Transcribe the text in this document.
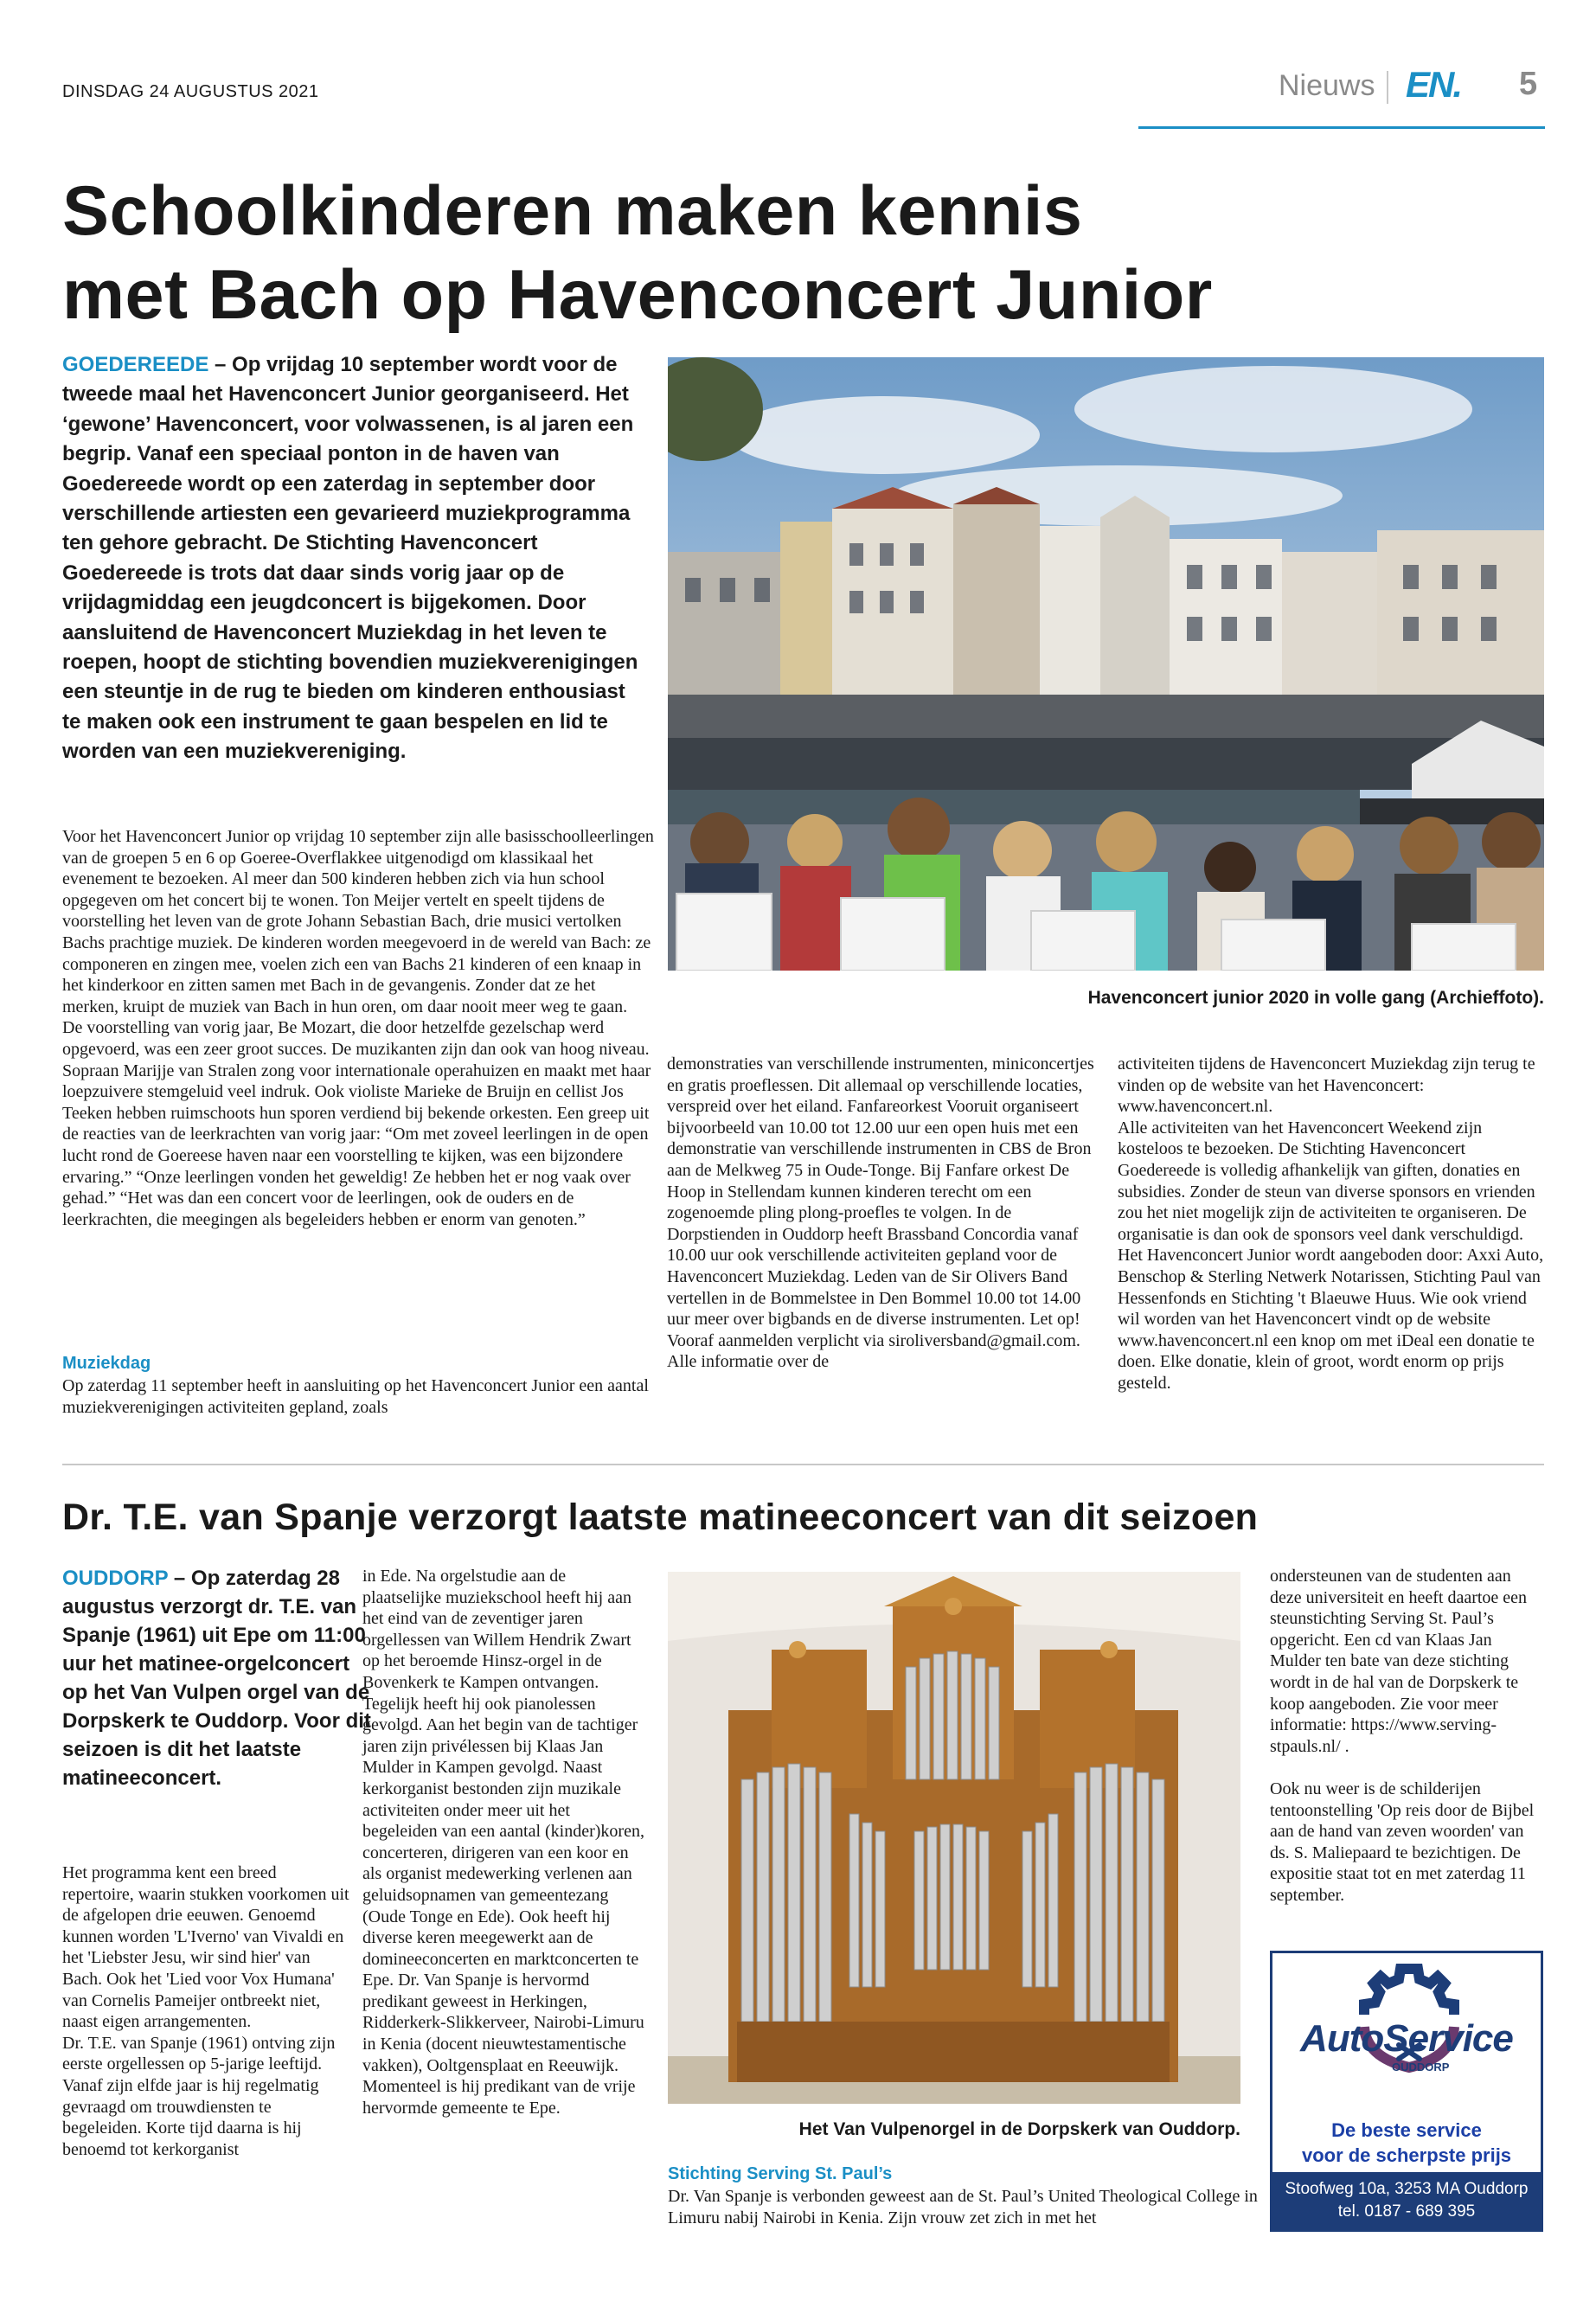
DINSDAG 24 AUGUSTUS 2021	Nieuws EN. 5
Schoolkinderen maken kennis
met Bach op Havenconcert Junior
GOEDEREEDE – Op vrijdag 10 september wordt voor de tweede maal het Havenconcert Junior georganiseerd. Het ‘gewone’ Havenconcert, voor volwassenen, is al jaren een begrip. Vanaf een speciaal ponton in de haven van Goedereede wordt op een zaterdag in september door verschillende artiesten een gevarieerd muziekprogramma ten gehore gebracht. De Stichting Havenconcert Goedereede is trots dat daar sinds vorig jaar op de vrijdagmiddag een jeugdconcert is bijgekomen. Door aansluitend de Havenconcert Muziekdag in het leven te roepen, hoopt de stichting bovendien muziekverenigingen een steuntje in de rug te bieden om kinderen enthousiast te maken ook een instrument te gaan bespelen en lid te worden van een muziekvereniging.
Voor het Havenconcert Junior op vrijdag 10 september zijn alle basisschoolleerlingen van de groepen 5 en 6 op Goeree-Overflakkee uitgenodigd om klassikaal het evenement te bezoeken. Al meer dan 500 kinderen hebben zich via hun school opgegeven om het concert bij te wonen. Ton Meijer vertelt en speelt tijdens de voorstelling het leven van de grote Johann Sebastian Bach, drie musici vertolken Bachs prachtige muziek. De kinderen worden meegevoerd in de wereld van Bach: ze componeren en zingen mee, voelen zich een van Bachs 21 kinderen of een knaap in het kinderkoor en zitten samen met Bach in de gevangenis. Zonder dat ze het merken, kruipt de muziek van Bach in hun oren, om daar nooit meer weg te gaan.
De voorstelling van vorig jaar, Be Mozart, die door hetzelfde gezelschap werd opgevoerd, was een zeer groot succes. De muzikanten zijn dan ook van hoog niveau. Sopraan Marijje van Stralen zong voor internationale operahuizen en maakt met haar loepzuivere stemgeluid veel indruk. Ook violiste Marieke de Bruijn en cellist Jos Teeken hebben ruimschoots hun sporen verdiend bij bekende orkesten. Een greep uit de reacties van de leerkrachten van vorig jaar: “Om met zoveel leerlingen in de open lucht rond de Goereese haven naar een voorstelling te kijken, was een bijzondere ervaring.” “Onze leerlingen vonden het geweldig! Ze hebben het er nog vaak over gehad.” “Het was dan een concert voor de leerlingen, ook de ouders en de leerkrachten, die meegingen als begeleiders hebben er enorm van genoten.”
Muziekdag
Op zaterdag 11 september heeft in aansluiting op het Havenconcert Junior een aantal muziekverenigingen activiteiten gepland, zoals
demonstraties van verschillende instrumenten, miniconcertjes en gratis proeflessen. Dit allemaal op verschillende locaties, verspreid over het eiland. Fanfareorkest Vooruit organiseert bijvoorbeeld van 10.00 tot 12.00 uur een open huis met een demonstratie van verschillende instrumenten in CBS de Bron aan de Melkweg 75 in Oude-Tonge. Bij Fanfare orkest De Hoop in Stellendam kunnen kinderen terecht om een zogenoemde pling plong-proefles te volgen. In de Dorpstienden in Ouddorp heeft Brassband Concordia vanaf 10.00 uur ook verschillende activiteiten gepland voor de Havenconcert Muziekdag. Leden van de Sir Olivers Band vertellen in de Bommelstee in Den Bommel 10.00 tot 14.00 uur meer over bigbands en de diverse instrumenten. Let op! Vooraf aanmelden verplicht via siroliversband@gmail.com. Alle informatie over de
activiteiten tijdens de Havenconcert Muziekdag zijn terug te vinden op de website van het Havenconcert: www.havenconcert.nl.
Alle activiteiten van het Havenconcert Weekend zijn kosteloos te bezoeken. De Stichting Havenconcert Goedereede is volledig afhankelijk van giften, donaties en subsidies. Zonder de steun van diverse sponsors en vrienden zou het niet mogelijk zijn de activiteiten te organiseren. De organisatie is dan ook de sponsors veel dank verschuldigd. Het Havenconcert Junior wordt aangeboden door: Axxi Auto, Benschop & Sterling Netwerk Notarissen, Stichting Paul van Hessenfonds en Stichting 't Blaeuwe Huus. Wie ook vriend wil worden van het Havenconcert vindt op de website www.havenconcert.nl een knop om met iDeal een donatie te doen. Elke donatie, klein of groot, wordt enorm op prijs gesteld.
Havenconcert junior 2020 in volle gang (Archieffoto).
Dr. T.E. van Spanje verzorgt laatste matineeconcert van dit seizoen
OUDDORP – Op zaterdag 28 augustus verzorgt dr. T.E. van Spanje (1961) uit Epe om 11:00 uur het matinee-orgelconcert op het Van Vulpen orgel van de Dorpskerk te Ouddorp. Voor dit seizoen is dit het laatste matineeconcert.
Het programma kent een breed repertoire, waarin stukken voorkomen uit de afgelopen drie eeuwen. Genoemd kunnen worden 'L'Iverno' van Vivaldi en het 'Liebster Jesu, wir sind hier' van Bach. Ook het 'Lied voor Vox Humana' van Cornelis Pameijer ontbreekt niet, naast eigen arrangementen.
Dr. T.E. van Spanje (1961) ontving zijn eerste orgellessen op 5-jarige leeftijd. Vanaf zijn elfde jaar is hij regelmatig gevraagd om trouwdiensten te begeleiden. Korte tijd daarna is hij benoemd tot kerkorganist
in Ede. Na orgelstudie aan de plaatselijke muziekschool heeft hij aan het eind van de zeventiger jaren orgellessen van Willem Hendrik Zwart op het beroemde Hinsz-orgel in de Bovenkerk te Kampen ontvangen. Tegelijk heeft hij ook pianolessen gevolgd. Aan het begin van de tachtiger jaren zijn privélessen bij Klaas Jan Mulder in Kampen gevolgd. Naast kerkorganist bestonden zijn muzikale activiteiten onder meer uit het begeleiden van een aantal (kinder)koren, concerteren, dirigeren van een koor en als organist medewerking verlenen aan geluidsopnamen van gemeentezang (Oude Tonge en Ede). Ook heeft hij diverse keren meegewerkt aan de domineeconcerten en marktconcerten te Epe. Dr. Van Spanje is hervormd predikant geweest in Herkingen, Ridderkerk-Slikkerveer, Nairobi-Limuru in Kenia (docent nieuwtestamentische vakken), Ooltgensplaat en Reeuwijk. Momenteel is hij predikant van de vrije hervormde gemeente te Epe.
Het Van Vulpenorgel in de Dorpskerk van Ouddorp.
Stichting Serving St. Paul’s
Dr. Van Spanje is verbonden geweest aan de St. Paul’s United Theological College in Limuru nabij Nairobi in Kenia. Zijn vrouw zet zich in met het
ondersteunen van de studenten aan deze universiteit en heeft daartoe een steunstichting Serving St. Paul’s opgericht. Een cd van Klaas Jan Mulder ten bate van deze stichting wordt in de hal van de Dorpskerk te koop aangeboden. Zie voor meer informatie: https://www.serving-stpauls.nl/ .

Ook nu weer is de schilderijen tentoonstelling 'Op reis door de Bijbel aan de hand van zeven woorden' van ds. S. Maliepaard te bezichtigen. De expositie staat tot en met zaterdag 11 september.
AutoService
OUDDORP
De beste service
voor de scherpste prijs
Stoofweg 10a, 3253 MA Ouddorp
tel. 0187 - 689 395
